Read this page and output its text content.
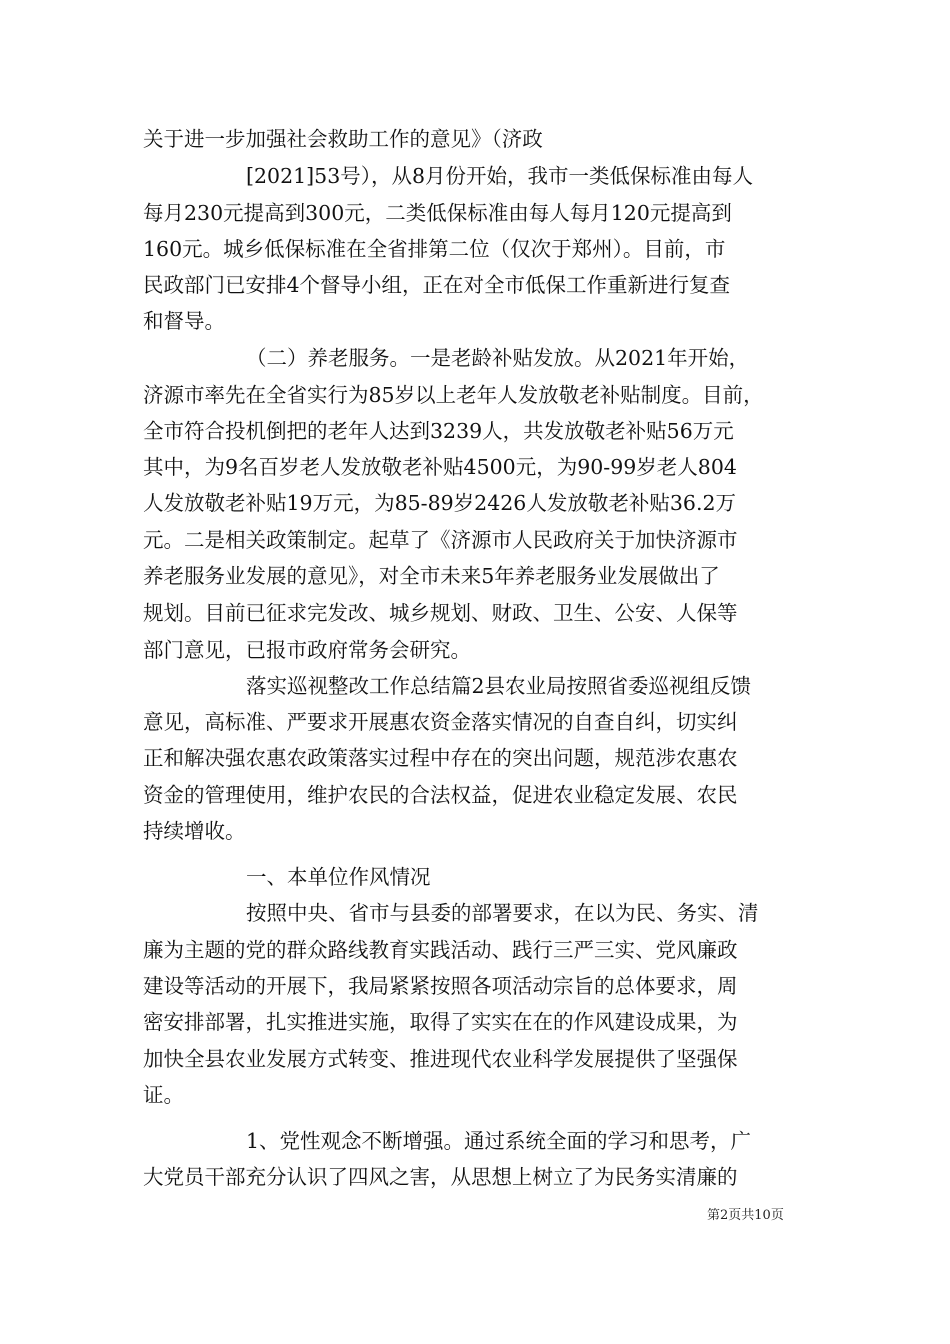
关于进一步加强社会救助工作的意见》（济政
[2021]53号），从8月份开始，我市一类低保标准由每人
每月230元提高到300元，二类低保标准由每人每月120元提高到
160元。城乡低保标准在全省排第二位（仅次于郑州）。目前，市
民政部门已安排4个督导小组，正在对全市低保工作重新进行复查
和督导。
（二）养老服务。一是老龄补贴发放。从2021年开始，
济源市率先在全省实行为85岁以上老年人发放敬老补贴制度。目前，
全市符合投机倒把的老年人达到3239人，共发放敬老补贴56万元
其中，为9名百岁老人发放敬老补贴4500元，为90-99岁老人804
人发放敬老补贴19万元，为85-89岁2426人发放敬老补贴36.2万
元。二是相关政策制定。起草了《济源市人民政府关于加快济源市
养老服务业发展的意见》，对全市未来5年养老服务业发展做出了
规划。目前已征求完发改、城乡规划、财政、卫生、公安、人保等
部门意见，已报市政府常务会研究。
落实巡视整改工作总结篇2县农业局按照省委巡视组反馈
意见，高标准、严要求开展惠农资金落实情况的自查自纠，切实纠
正和解决强农惠农政策落实过程中存在的突出问题，规范涉农惠农
资金的管理使用，维护农民的合法权益，促进农业稳定发展、农民
持续增收。
一、本单位作风情况
按照中央、省市与县委的部署要求，在以为民、务实、清
廉为主题的党的群众路线教育实践活动、践行三严三实、党风廉政
建设等活动的开展下，我局紧紧按照各项活动宗旨的总体要求，周
密安排部署，扎实推进实施，取得了实实在在的作风建设成果，为
加快全县农业发展方式转变、推进现代农业科学发展提供了坚强保
证。
1、党性观念不断增强。通过系统全面的学习和思考，广
大党员干部充分认识了四风之害，从思想上树立了为民务实清廉的
第2页共10页
